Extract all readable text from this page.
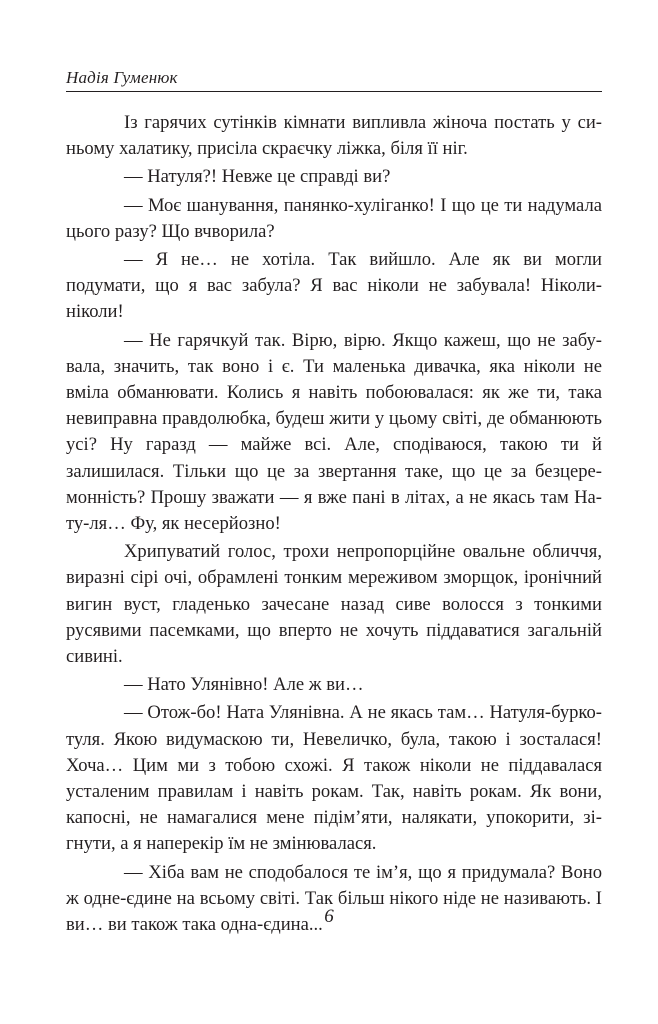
Надія Гуменюк

Із гарячих сутінків кімнати випливла жіноча постать у синьому халатику, присіла скраєчку ліжка, біля її ніг.

— Натуля?! Невже це справді ви?

— Моє шанування, панянко-хуліганко! І що це ти надумала цього разу? Що вчворила?

— Я не… не хотіла. Так вийшло. Але як ви могли подумати, що я вас забула? Я вас ніколи не забувала! Ніколи-ніколи!

— Не гарячкуй так. Вірю, вірю. Якщо кажеш, що не забувала, значить, так воно і є. Ти маленька дивачка, яка ніколи не вміла обманювати. Колись я навіть побоювалася: як же ти, така невиправна правдолюбка, будеш жити у цьому світі, де обманюють усі? Ну гаразд — майже всі. Але, сподіваюся, такою ти й залишилася. Тільки що це за звертання таке, що це за безцеремонність? Прошу зважати — я вже пані в літах, а не якась там На-ту-ля… Фу, як несерйозно!

Хрипуватий голос, трохи непропорційне овальне обличчя, виразні сірі очі, обрамлені тонким мереживом зморщок, іронічний вигин вуст, гладенько зачесане назад сиве волосся з тонкими русявими пасемками, що вперто не хочуть піддаватися загальній сивині.

— Нато Улянівно! Але ж ви…

— Отож-бо! Ната Улянівна. А не якась там… Натуля-буркотуля. Якою видумаскою ти, Невеличко, була, такою і зосталася! Хоча… Цим ми з тобою схожі. Я також ніколи не піддавалася усталеним правилам і навіть рокам. Так, навіть рокам. Як вони, капосні, не намагалися мене підім’яти, налякати, упокорити, зігнути, а я наперекір їм не змінювалася.

— Хіба вам не сподобалося те ім’я, що я придумала? Воно ж одне-єдине на всьому світі. Так більш нікого ніде не називають. І ви… ви також така одна-єдина... 6
